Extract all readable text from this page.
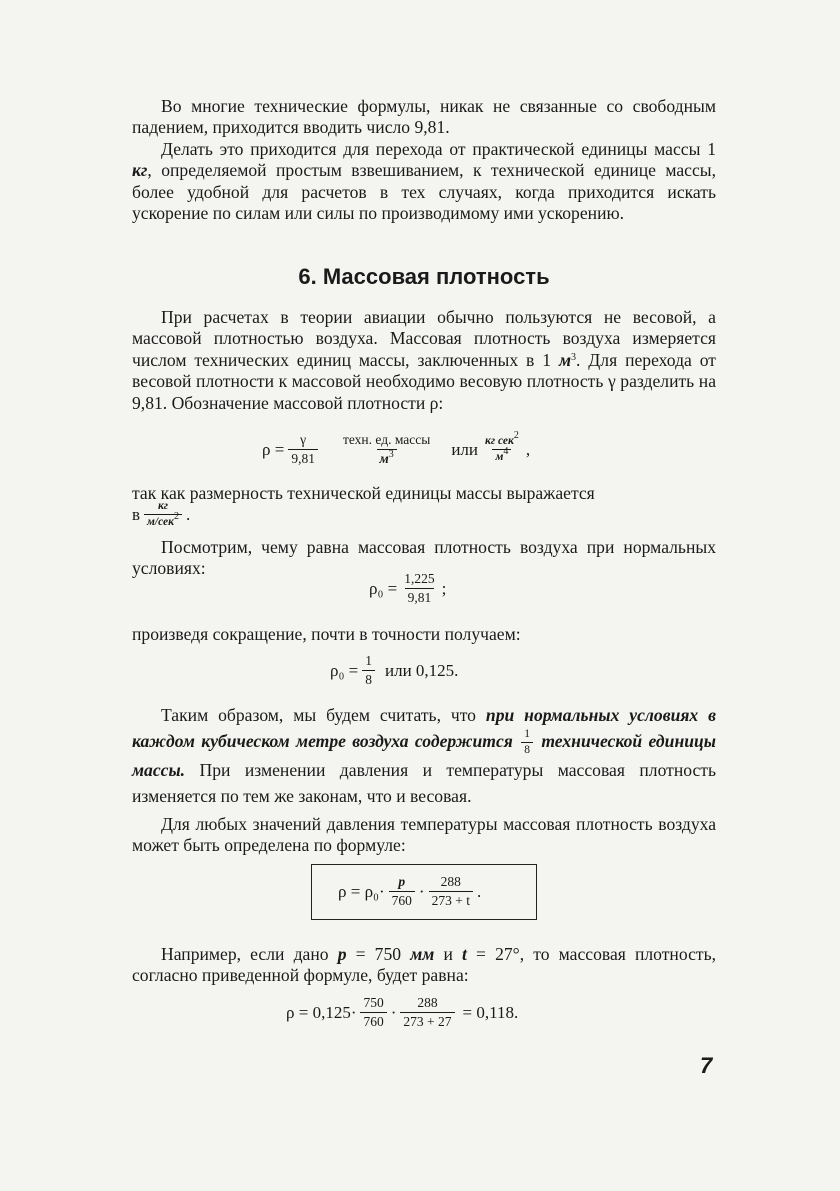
Во многие технические формулы, никак не связанные со свободным падением, приходится вводить число 9,81.

Делать это приходится для перехода от практической единицы массы 1 кг, определяемой простым взвешиванием, к технической единице массы, более удобной для расчетов в тех случаях, когда приходится искать ускорение по силам или силы по производимому ими ускорению.

6. Массовая плотность

При расчетах в теории авиации обычно пользуются не весовой, а массовой плотностью воздуха. Массовая плотность воздуха измеряется числом технических единиц массы, заключенных в 1 $м^3$. Для перехода от весовой плотности к массовой необходимо весовую плотность γ разделить на 9,81. Обозначение массовой плотности ρ:

$\rho = \frac{\gamma}{9,81} \frac{\text{техн. ед. массы}}{м^3}$ или $\frac{кг сек^2}{м^4}$ ,

так как размерность технической единицы массы выражается

в $\frac{кг}{м/сек^2}$ .

Посмотрим, чему равна массовая плотность воздуха при нормальных условиях:

$\rho_0 = \frac{1,225}{9,81}$ ;

произведя сокращение, почти в точности получаем:

$\rho_0 = \frac{1}{8}$ или 0,125.

Таким образом, мы будем считать, что при нормальных условиях в каждом кубическом метре воздуха содержится $\frac{1}{8}$ технической единицы массы. При изменении давления и температуры массовая плотность изменяется по тем же законам, что и весовая.

Для любых значений давления температуры массовая плотность воздуха может быть определена по формуле:

$\rho = \rho_0\cdot \frac{p}{760} \cdot \frac{288}{273 + t}$ .

Например, если дано p = 750 мм и t = 27°, то массовая плотность, согласно приведенной формуле, будет равна:

$\rho = 0,125\cdot \frac{750}{760} \cdot \frac{288}{273 + 27} = 0,118$.
7
